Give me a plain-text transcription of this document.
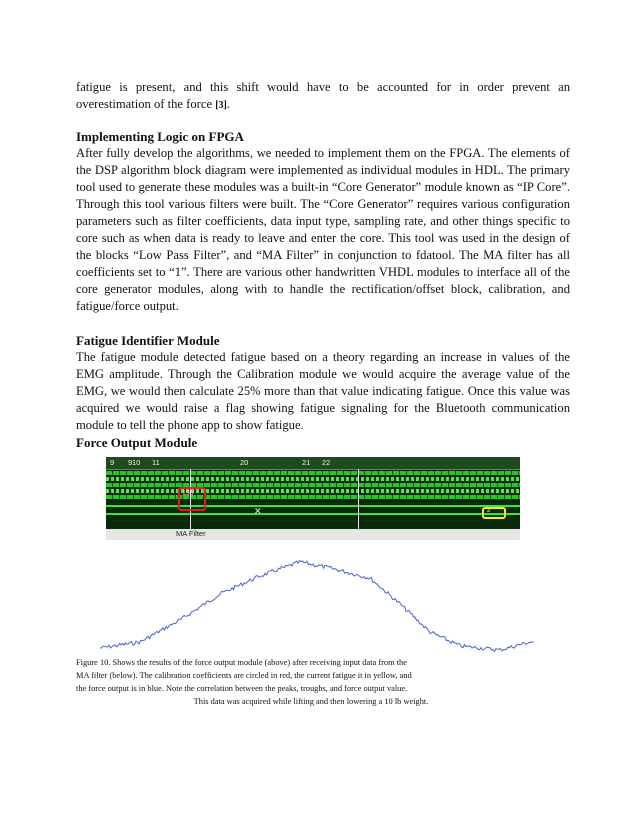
fatigue is present, and this shift would have to be accounted for in order prevent an overestimation of the force [3].

Implementing Logic on FPGA

After fully develop the algorithms, we needed to implement them on the FPGA. The elements of the DSP algorithm block diagram were implemented as individual modules in HDL. The primary tool used to generate these modules was a built-in “Core Generator” module known as “IP Core”. Through this tool various filters were built. The “Core Generator” requires various configuration parameters such as filter coefficients, data input type, sampling rate, and other things specific to core such as when data is ready to leave and enter the core. This tool was used in the design of the blocks “Low Pass Filter”, and “MA Filter” in conjunction to fdatool. The MA filter has all coefficients set to “1”. There are various other handwritten VHDL modules to interface all of the core generator modules, along with to handle the rectification/offset block, calibration, and fatigue/force output.

Fatigue Identifier Module

The fatigue module detected fatigue based on a theory regarding an increase in values of the EMG amplitude. Through the Calibration module we would acquire the average value of the EMG, we would then calculate 25% more than that value indicating fatigue. Once this value was acquired we would raise a flag showing fatigue signaling for the Bluetooth communication module to tell the phone app to show fatigue.

Force Output Module
9 9 10 11	20	21 22
196
✕	2
MA Filter
Figure 10. Shows the results of the force output module (above) after receiving input data from the
MA filter (below). The calibration coefficients are circled in red, the current fatigue it in yellow, and
the force output is in blue. Note the correlation between the peaks, troughs, and force output value.
This data was acquired while lifting and then lowering a 10 lb weight.
